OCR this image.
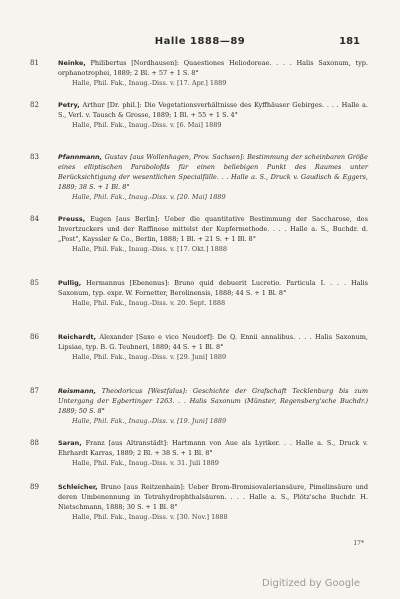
Halle 1888—89	181
81	Neinke, Philibertus [Nordhausen]: Quaestiones Heliodoreae. . . . Halis Saxonum, typ. orphanotrophei, 1889; 2 Bl. + 57 + 1 S. 8°

Halle, Phil. Fak., Inaug.-Diss. v. [17. Apr.] 1889

82	Petry, Arthur [Dr. phil.]: Die Vegetationsverhältnisse des Kyffhäuser Gebirges. . . . Halle a. S., Verl. v. Tausch & Grosse, 1889; 1 Bl. + 55 + 1 S. 4°

Halle, Phil. Fak., Inaug.-Diss. v. [6. Mai] 1889

83	Pfannmann, Gustav [aus Wollenhagen, Prov. Sachsen]: Bestimmung der scheinbaren Größe eines elliptischen Parabolofds für einen beliebigen Punkt des Raumes unter Berücksichtigung der wesentlichen Specialfälle. . . Halle a. S., Druck v. Gaudisch & Eggers, 1889; 38 S. + 1 Bl. 8°

Halle, Phil. Fak., Inaug.-Diss. v. [20. Mai] 1889

84	Preuss, Eugen [aus Berlin]: Ueber die quantitative Bestimmung der Saccharose, des Invertzuckers und der Raffinose mittelst der Kupfermethode. . . . Halle a. S., Buchdr. d. „Post", Kayssler & Co., Berlin, 1888; 1 Bl. + 21 S. + 1 Bl. 8°

Halle, Phil. Fak., Inaug.-Diss. v. [17. Okt.] 1888

85	Pullig, Hermannus [Ebenenus]: Bruno quid debuerit Lucretio. Particula I. . . . Halis Saxonum, typ. expr. W. Fornetter, Berolinensis, 1888; 44 S. + 1 Bl. 8°

Halle, Phil. Fak., Inaug.-Diss. v. 20. Sept. 1888

86	Reichardt, Alexander [Saxo e vico Neudorf]: De Q. Ennii annalibus. . . . Halis Saxonum, Lipsiae, typ. B. G. Teubneri, 1889; 44 S. + 1 Bl. 8°

Halle, Phil. Fak., Inaug.-Diss. v. [29. Juni] 1889

87	Reismann, Theodoricus [Westfalus]: Geschichte der Grafschaft Tecklenburg bis zum Untergang der Egbertinger 1263. . . Halis Saxonum (Münster, Regensberg'sche Buchdr.) 1889; 50 S. 8°

Halle, Phil. Fak., Inaug.-Diss. v. [19. Juni] 1889

88	Saran, Franz [aus Altranstädt]: Hartmann von Aue als Lyriker. . . Halle a. S., Druck v. Ehrhardt Karras, 1889; 2 Bl. + 38 S. + 1 Bl. 8°

Halle, Phil. Fak., Inaug.-Diss. v. 31. Juli 1889

89	Schleicher, Bruno [aus Reitzenhain]: Ueber Brom-Bromisovaleriansäure, Pimelinsäure und deren Umbenennung in Tetrahydrophthalsäuren. . . . Halle a. S., Plötz'sche Buchdr. H. Nietschmann, 1888; 30 S. + 1 Bl. 8°

Halle, Phil. Fak., Inaug.-Diss. v. [30. Nov.] 1888

17*
Digitized by Google
